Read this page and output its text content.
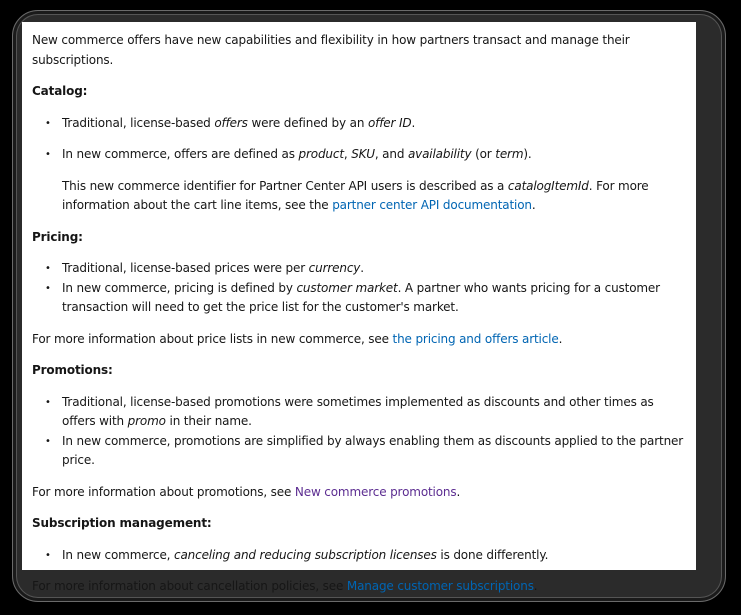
New commerce offers have new capabilities and flexibility in how partners transact and manage their subscriptions.

Catalog:

• Traditional, license-based offers were defined by an offer ID.
• In new commerce, offers are defined as product, SKU, and availability (or term).

This new commerce identifier for Partner Center API users is described as a catalogItemId. For more information about the cart line items, see the partner center API documentation.

Pricing:

• Traditional, license-based prices were per currency.
• In new commerce, pricing is defined by customer market. A partner who wants pricing for a customer transaction will need to get the price list for the customer's market.

For more information about price lists in new commerce, see the pricing and offers article.

Promotions:

• Traditional, license-based promotions were sometimes implemented as discounts and other times as offers with promo in their name.
• In new commerce, promotions are simplified by always enabling them as discounts applied to the partner price.

For more information about promotions, see New commerce promotions.

Subscription management:

• In new commerce, canceling and reducing subscription licenses is done differently.

For more information about cancellation policies, see Manage customer subscriptions.
